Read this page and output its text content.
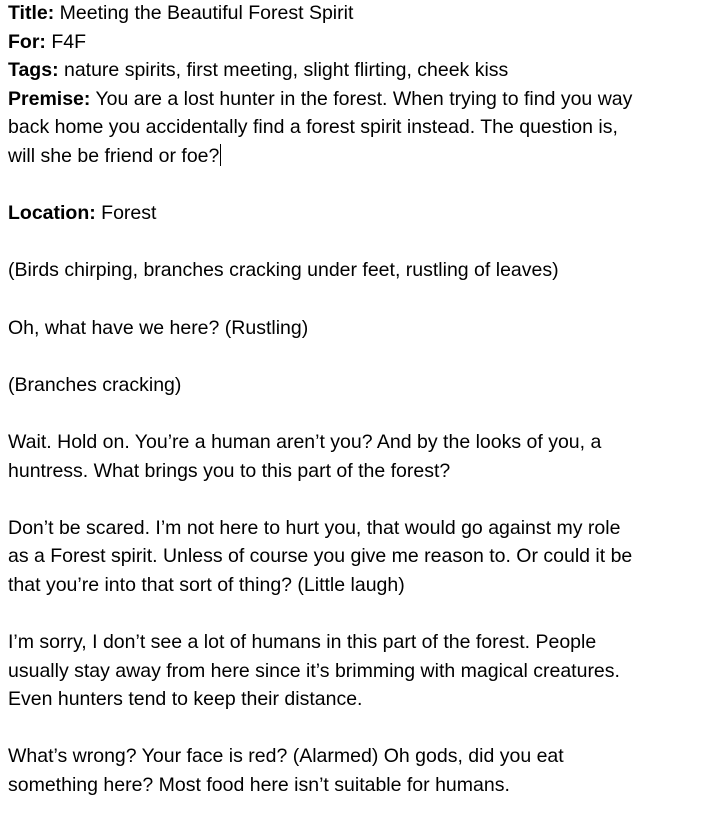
Title: Meeting the Beautiful Forest Spirit

For: F4F

Tags: nature spirits, first meeting, slight flirting, cheek kiss

Premise: You are a lost hunter in the forest. When trying to find you way

back home you accidentally find a forest spirit instead. The question is,

will she be friend or foe?

Location: Forest

(Birds chirping, branches cracking under feet, rustling of leaves)

Oh, what have we here? (Rustling)

(Branches cracking)

Wait. Hold on. You’re a human aren’t you? And by the looks of you, a

huntress. What brings you to this part of the forest?

Don’t be scared. I’m not here to hurt you, that would go against my role

as a Forest spirit. Unless of course you give me reason to. Or could it be

that you’re into that sort of thing? (Little laugh)

I’m sorry, I don’t see a lot of humans in this part of the forest. People

usually stay away from here since it’s brimming with magical creatures.

Even hunters tend to keep their distance.

What’s wrong? Your face is red? (Alarmed) Oh gods, did you eat

something here? Most food here isn’t suitable for humans.
